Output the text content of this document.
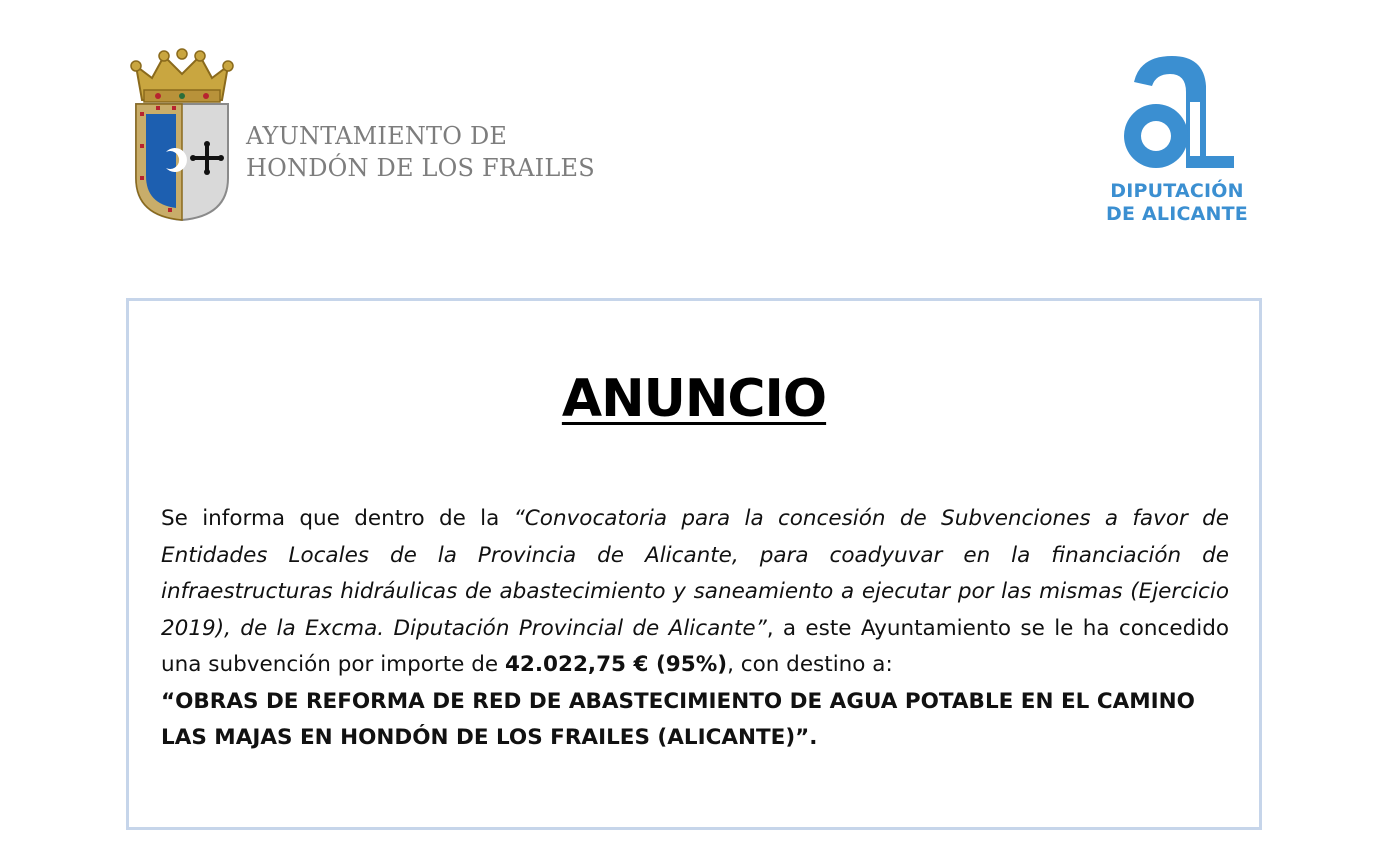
AYUNTAMIENTO DE
HONDÓN DE LOS FRAILES
DIPUTACIÓN
DE ALICANTE
ANUNCIO
Se informa que dentro de la “Convocatoria para la concesión de Subvenciones a favor de Entidades Locales de la Provincia de Alicante, para coadyuvar en la financiación de infraestructuras hidráulicas de abastecimiento y saneamiento a ejecutar por las mismas (Ejercicio 2019), de la Excma. Diputación Provincial de Alicante”, a este Ayuntamiento se le ha concedido una subvención por importe de 42.022,75 € (95%), con destino a:
“OBRAS DE REFORMA DE RED DE ABASTECIMIENTO DE AGUA POTABLE EN EL CAMINO LAS MAJAS EN HONDÓN DE LOS FRAILES (ALICANTE)”.
